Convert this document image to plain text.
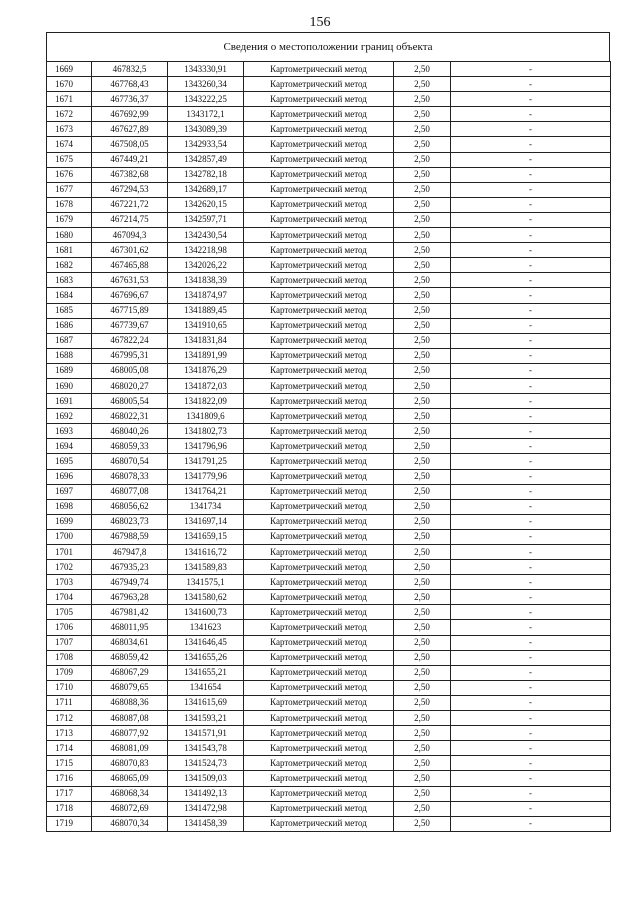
156
Сведения о местоположении границ объекта
1669	467832,5	1343330,91	Картометрический метод	2,50	-
1670	467768,43	1343260,34	Картометрический метод	2,50	-
1671	467736,37	1343222,25	Картометрический метод	2,50	-
1672	467692,99	1343172,1	Картометрический метод	2,50	-
1673	467627,89	1343089,39	Картометрический метод	2,50	-
1674	467508,05	1342933,54	Картометрический метод	2,50	-
1675	467449,21	1342857,49	Картометрический метод	2,50	-
1676	467382,68	1342782,18	Картометрический метод	2,50	-
1677	467294,53	1342689,17	Картометрический метод	2,50	-
1678	467221,72	1342620,15	Картометрический метод	2,50	-
1679	467214,75	1342597,71	Картометрический метод	2,50	-
1680	467094,3	1342430,54	Картометрический метод	2,50	-
1681	467301,62	1342218,98	Картометрический метод	2,50	-
1682	467465,88	1342026,22	Картометрический метод	2,50	-
1683	467631,53	1341838,39	Картометрический метод	2,50	-
1684	467696,67	1341874,97	Картометрический метод	2,50	-
1685	467715,89	1341889,45	Картометрический метод	2,50	-
1686	467739,67	1341910,65	Картометрический метод	2,50	-
1687	467822,24	1341831,84	Картометрический метод	2,50	-
1688	467995,31	1341891,99	Картометрический метод	2,50	-
1689	468005,08	1341876,29	Картометрический метод	2,50	-
1690	468020,27	1341872,03	Картометрический метод	2,50	-
1691	468005,54	1341822,09	Картометрический метод	2,50	-
1692	468022,31	1341809,6	Картометрический метод	2,50	-
1693	468040,26	1341802,73	Картометрический метод	2,50	-
1694	468059,33	1341796,96	Картометрический метод	2,50	-
1695	468070,54	1341791,25	Картометрический метод	2,50	-
1696	468078,33	1341779,96	Картометрический метод	2,50	-
1697	468077,08	1341764,21	Картометрический метод	2,50	-
1698	468056,62	1341734	Картометрический метод	2,50	-
1699	468023,73	1341697,14	Картометрический метод	2,50	-
1700	467988,59	1341659,15	Картометрический метод	2,50	-
1701	467947,8	1341616,72	Картометрический метод	2,50	-
1702	467935,23	1341589,83	Картометрический метод	2,50	-
1703	467949,74	1341575,1	Картометрический метод	2,50	-
1704	467963,28	1341580,62	Картометрический метод	2,50	-
1705	467981,42	1341600,73	Картометрический метод	2,50	-
1706	468011,95	1341623	Картометрический метод	2,50	-
1707	468034,61	1341646,45	Картометрический метод	2,50	-
1708	468059,42	1341655,26	Картометрический метод	2,50	-
1709	468067,29	1341655,21	Картометрический метод	2,50	-
1710	468079,65	1341654	Картометрический метод	2,50	-
1711	468088,36	1341615,69	Картометрический метод	2,50	-
1712	468087,08	1341593,21	Картометрический метод	2,50	-
1713	468077,92	1341571,91	Картометрический метод	2,50	-
1714	468081,09	1341543,78	Картометрический метод	2,50	-
1715	468070,83	1341524,73	Картометрический метод	2,50	-
1716	468065,09	1341509,03	Картометрический метод	2,50	-
1717	468068,34	1341492,13	Картометрический метод	2,50	-
1718	468072,69	1341472,98	Картометрический метод	2,50	-
1719	468070,34	1341458,39	Картометрический метод	2,50	-
